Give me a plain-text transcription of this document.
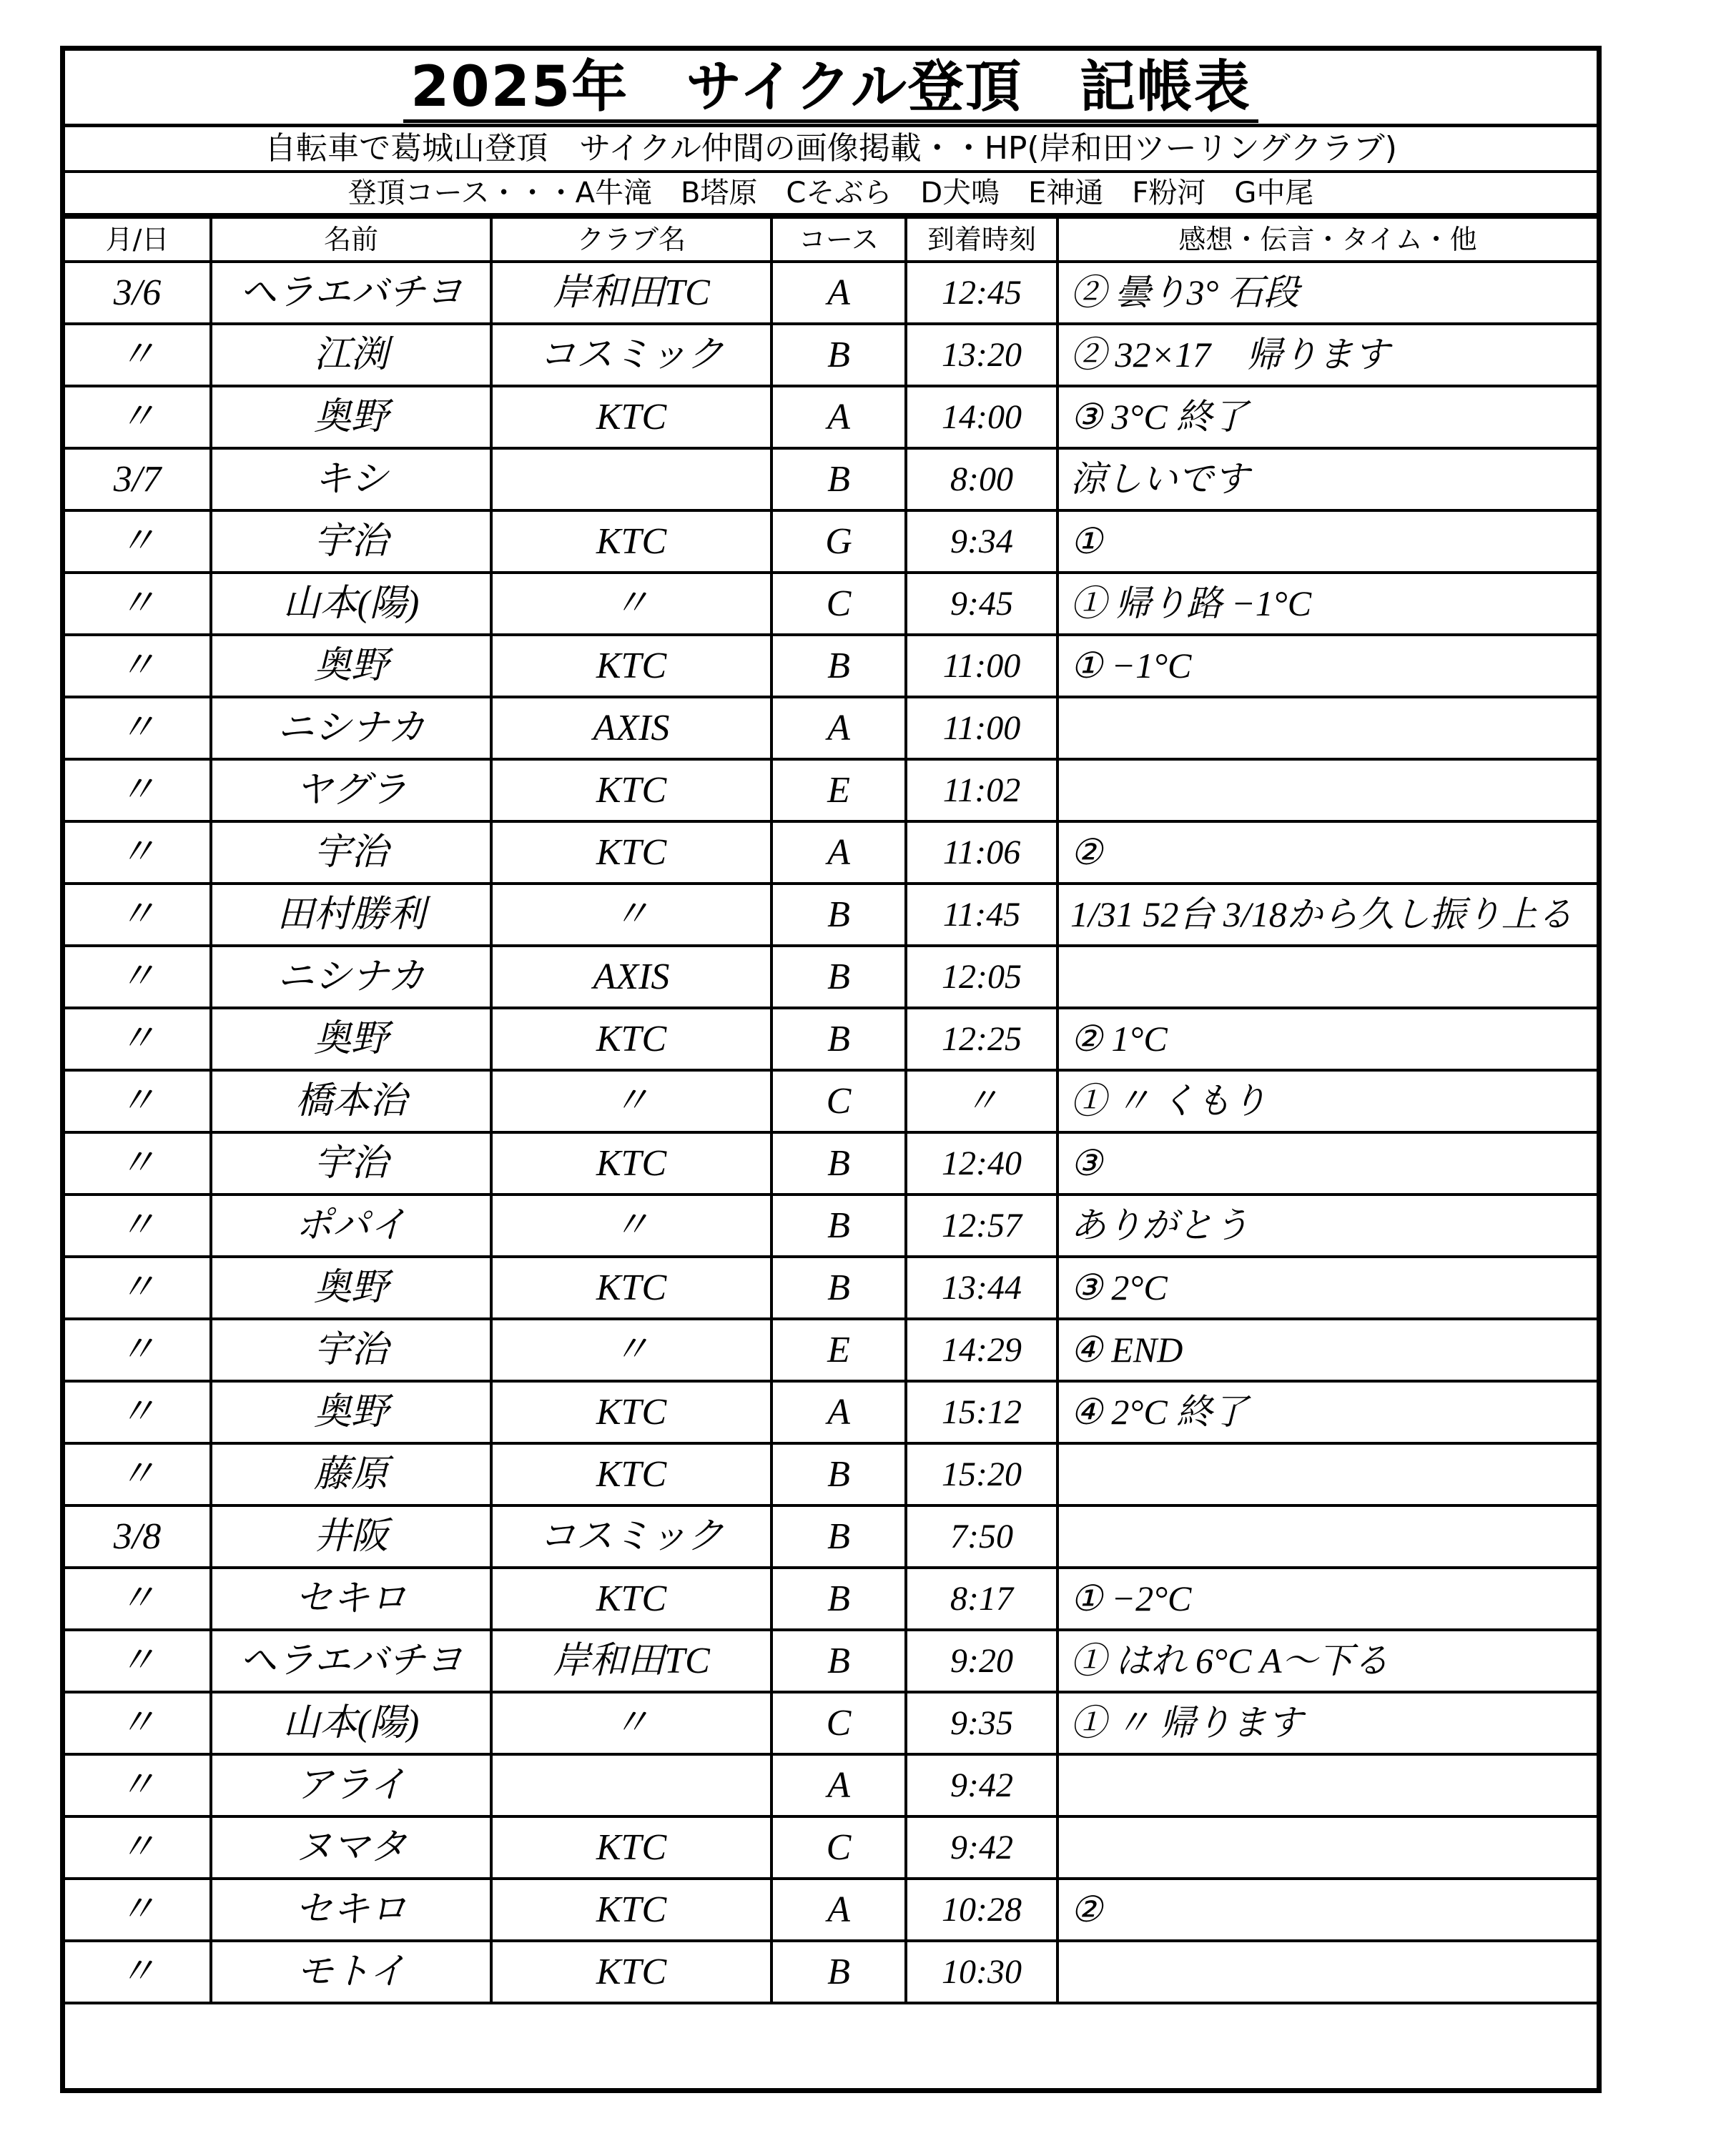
2025年　サイクル登頂　記帳表
自転車で葛城山登頂　サイクル仲間の画像掲載・・HP(岸和田ツーリングクラブ)
登頂コース・・・A牛滝　B塔原　Cそぶら　D犬鳴　E神通　F粉河　G中尾
月/日	名前	クラブ名	コース	到着時刻	感想・伝言・タイム・他
3/6	ヘラエバチヨ	岸和田TC	A	12:45	② 曇り3° 石段
〃	江渕	コスミック	B	13:20	② 32×17　帰ります
〃	奥野	KTC	A	14:00	③ 3°C 終了
3/7	キシ		B	8:00	涼しいです
〃	宇治	KTC	G	9:34	①
〃	山本(陽)	〃	C	9:45	① 帰り路 −1°C
〃	奥野	KTC	B	11:00	① −1°C
〃	ニシナカ	AXIS	A	11:00	
〃	ヤグラ	KTC	E	11:02	
〃	宇治	KTC	A	11:06	②
〃	田村勝利	〃	B	11:45	1/31 52台 3/18から久し振り上る
〃	ニシナカ	AXIS	B	12:05	
〃	奥野	KTC	B	12:25	② 1°C
〃	橋本治	〃	C	〃	① 〃 くもり
〃	宇治	KTC	B	12:40	③
〃	ポパイ	〃	B	12:57	ありがとう
〃	奥野	KTC	B	13:44	③ 2°C
〃	宇治	〃	E	14:29	④ END
〃	奥野	KTC	A	15:12	④ 2°C 終了
〃	藤原	KTC	B	15:20	
3/8	井阪	コスミック	B	7:50	
〃	セキロ	KTC	B	8:17	① −2°C
〃	ヘラエバチヨ	岸和田TC	B	9:20	① はれ 6°C A〜下る
〃	山本(陽)	〃	C	9:35	① 〃 帰ります
〃	アライ		A	9:42	
〃	ヌマタ	KTC	C	9:42	
〃	セキロ	KTC	A	10:28	②
〃	モトイ	KTC	B	10:30	
